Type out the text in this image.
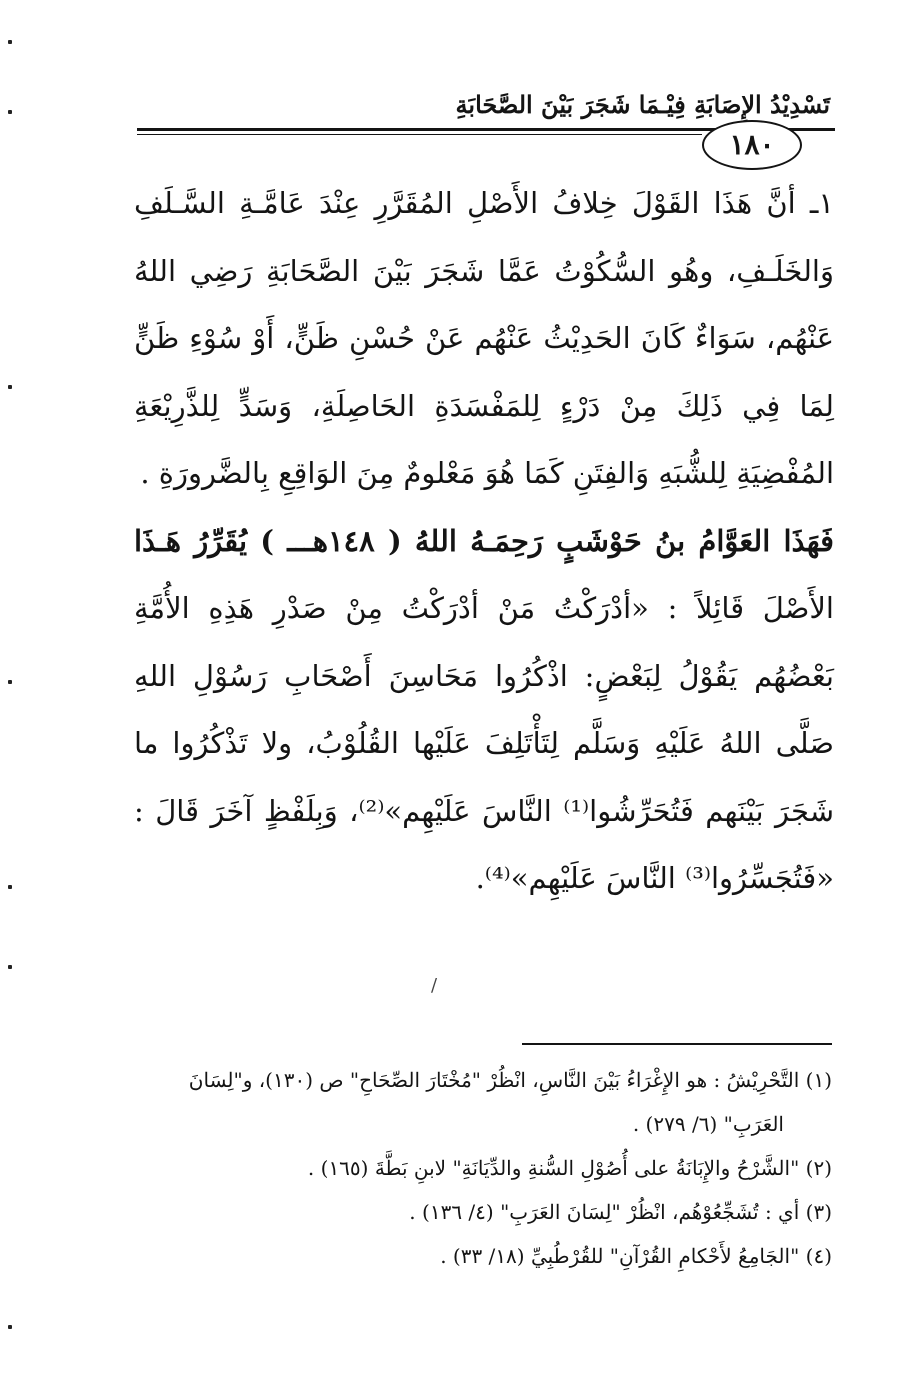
تَسْدِيْدُ الإِصَابَةِ فِيْـمَا شَجَرَ بَيْنَ الصَّحَابَةِ
١٨٠

١ـ أنَّ هَذَا القَوْلَ خِلافُ الأَصْلِ المُقَرَّرِ عِنْدَ عَامَّـةِ السَّـلَفِ وَالخَلَـفِ، وهُو السُّكُوْتُ عَمَّا شَجَرَ بَيْنَ الصَّحَابَةِ رَضِي اللهُ عَنْهُم، سَوَاءٌ كَانَ الحَدِيْثُ عَنْهُم عَنْ حُسْنِ ظَنٍّ، أَوْ سُوْءِ ظَنٍّ لِمَا فِي ذَلِكَ مِنْ دَرْءٍ لِلمَفْسَدَةِ الحَاصِلَةِ، وَسَدٍّ لِلذَّرِيْعَةِ المُفْضِيَةِ لِلشُّبَهِ وَالفِتَنِ كَمَا هُوَ مَعْلومٌ مِنَ الوَاقِعِ بِالضَّرورَةِ .

فَهَذَا العَوَّامُ بنُ حَوْشَبٍ رَحِمَـهُ اللهُ ( ١٤٨هـــ ) يُقَرِّرُ هَـذَا الأَصْلَ قَائِلاً : «أدْرَكْتُ مَنْ أدْرَكْتُ مِنْ صَدْرِ هَذِهِ الأُمَّةِ بَعْضُهُم يَقُوْلُ لِبَعْضٍ: اذْكُرُوا مَحَاسِنَ أَصْحَابِ رَسُوْلِ اللهِ صَلَّى اللهُ عَلَيْهِ وَسَلَّم لِتَأْتَلِفَ عَلَيْها القُلُوْبُ، ولا تَذْكُرُوا ما شَجَرَ بَيْنَهم فَتُحَرِّشُوا⁽¹⁾ النَّاسَ عَلَيْهِم»⁽²⁾، وَبِلَفْظٍ آخَرَ قَالَ : «فَتُجَسِّرُوا⁽³⁾ النَّاسَ عَلَيْهِم»⁽⁴⁾.

/

(١) التَّحْرِيْشُ : هو الإِغْرَاءُ بَيْنَ النَّاسِ، انْظُرْ "مُخْتَارَ الصِّحَاحِ" ص (١٣٠)، و"لِسَانَ

العَرَبِ" (٦/ ٢٧٩) .

(٢) "الشَّرْحُ والإِبَانَةُ على أُصُوْلِ السُّنةِ والدِّيَانَةِ" لابنِ بَطَّةَ (١٦٥) .

(٣) أي : تُشَجِّعُوْهُم، انْظُرْ "لِسَانَ العَرَبِ" (٤/ ١٣٦) .

(٤) "الجَامِعُ لأَحْكامِ القُرْآنِ" للقُرْطُبِيِّ (١٨/ ٣٣) .
